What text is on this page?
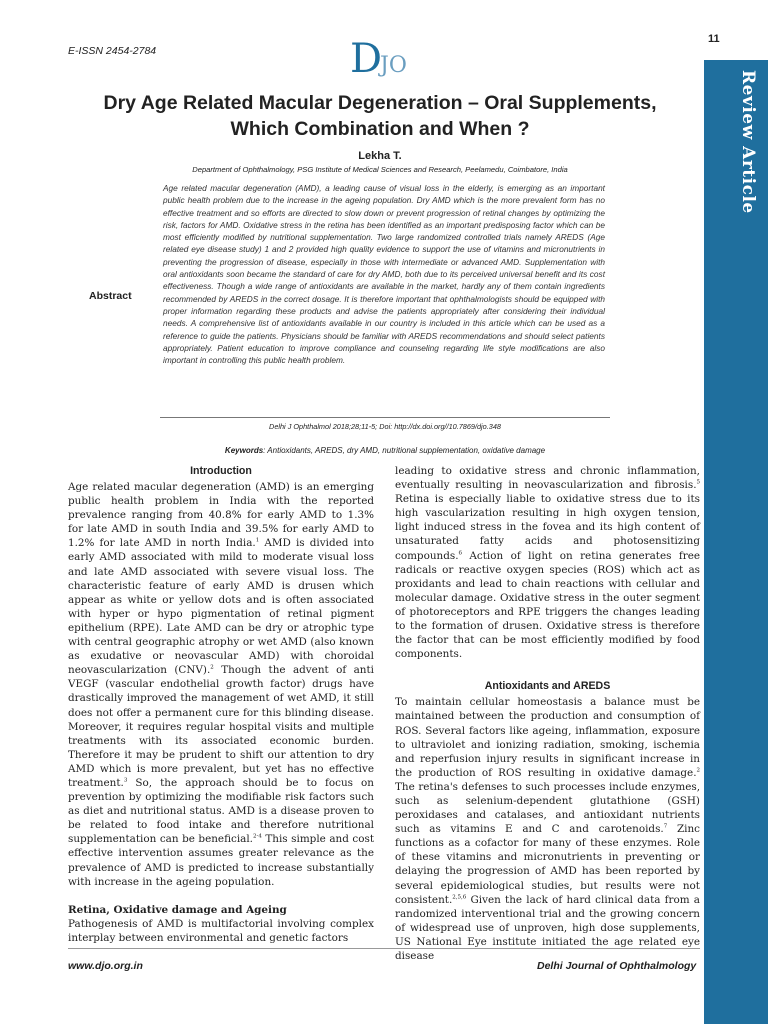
E-ISSN 2454-2784	D
JO
11
Review Article
Dry Age Related Macular Degeneration – Oral Supplements,
Which Combination and When ?
Lekha T.
Department of Ophthalmology, PSG Institute of Medical Sciences and Research, Peelamedu, Coimbatore, India
Abstract
Age related macular degeneration (AMD), a leading cause of visual loss in the elderly, is emerging as an important public health problem due to the increase in the ageing population. Dry AMD which is the more prevalent form has no effective treatment and so efforts are directed to slow down or prevent progression of retinal changes by optimizing the risk, factors for AMD. Oxidative stress in the retina has been identified as an important predisposing factor which can be most efficiently modified by nutritional supplementation. Two large randomized controlled trials namely AREDS (Age related eye disease study) 1 and 2 provided high quality evidence to support the use of vitamins and micronutrients in preventing the progression of disease, especially in those with intermediate or advanced AMD. Supplementation with oral antioxidants soon became the standard of care for dry AMD, both due to its perceived universal benefit and its cost effectiveness. Though a wide range of antioxidants are available in the market, hardly any of them contain ingredients recommended by AREDS in the correct dosage. It is therefore important that ophthalmologists should be equipped with proper information regarding these products and advise the patients appropriately after considering their individual needs. A comprehensive list of antioxidants available in our country is included in this article which can be used as a reference to guide the patients. Physicians should be familiar with AREDS recommendations and should select patients appropriately. Patient education to improve compliance and counseling regarding life style modifications are also important in controlling this public health problem.
Delhi J Ophthalmol 2018;28;11-5; Doi: http://dx.doi.org//10.7869/djo.348
Keywords: Antioxidants, AREDS, dry AMD, nutritional supplementation, oxidative damage
Introduction

Age related macular degeneration (AMD) is an emerging public health problem in India with the reported prevalence ranging from 40.8% for early AMD to 1.3% for late AMD in south India and 39.5% for early AMD to 1.2% for late AMD in north India.$^1$ AMD is divided into early AMD associated with mild to moderate visual loss and late AMD associated with severe visual loss. The characteristic feature of early AMD is drusen which appear as white or yellow dots and is often associated with hyper or hypo pigmentation of retinal pigment epithelium (RPE). Late AMD can be dry or atrophic type with central geographic atrophy or wet AMD (also known as exudative or neovascular AMD) with choroidal neovascularization (CNV).$^2$ Though the advent of anti VEGF (vascular endothelial growth factor) drugs have drastically improved the management of wet AMD, it still does not offer a permanent cure for this blinding disease. Moreover, it requires regular hospital visits and multiple treatments with its associated economic burden. Therefore it may be prudent to shift our attention to dry AMD which is more prevalent, but yet has no effective treatment.$^3$ So, the approach should be to focus on prevention by optimizing the modifiable risk factors such as diet and nutritional status. AMD is a disease proven to be related to food intake and therefore nutritional supplementation can be beneficial.$^{2-4}$ This simple and cost effective intervention assumes greater relevance as the prevalence of AMD is predicted to increase substantially with increase in the ageing population.

Retina, Oxidative damage and Ageing

Pathogenesis of AMD is multifactorial involving complex interplay between environmental and genetic factors

leading to oxidative stress and chronic inflammation, eventually resulting in neovascularization and fibrosis.$^5$ Retina is especially liable to oxidative stress due to its high vascularization resulting in high oxygen tension, light induced stress in the fovea and its high content of unsaturated fatty acids and photosensitizing compounds.$^6$ Action of light on retina generates free radicals or reactive oxygen species (ROS) which act as proxidants and lead to chain reactions with cellular and molecular damage. Oxidative stress in the outer segment of photoreceptors and RPE triggers the changes leading to the formation of drusen. Oxidative stress is therefore the factor that can be most efficiently modified by food components.

Antioxidants and AREDS

To maintain cellular homeostasis a balance must be maintained between the production and consumption of ROS. Several factors like ageing, inflammation, exposure to ultraviolet and ionizing radiation, smoking, ischemia and reperfusion injury results in significant increase in the production of ROS resulting in oxidative damage.$^2$ The retina's defenses to such processes include enzymes, such as selenium-dependent glutathione (GSH) peroxidases and catalases, and antioxidant nutrients such as vitamins E and C and carotenoids.$^7$ Zinc functions as a cofactor for many of these enzymes. Role of these vitamins and micronutrients in preventing or delaying the progression of AMD has been reported by several epidemiological studies, but results were not consistent.$^{2,5,6}$ Given the lack of hard clinical data from a randomized interventional trial and the growing concern of widespread use of unproven, high dose supplements, US National Eye institute initiated the age related eye disease

www.djo.org.in	Delhi Journal of Ophthalmology
